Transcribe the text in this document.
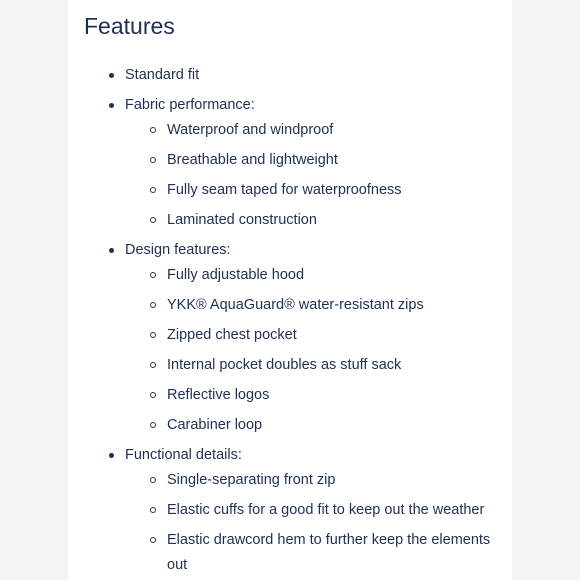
Features
Standard fit
Fabric performance:
Waterproof and windproof
Breathable and lightweight
Fully seam taped for waterproofness
Laminated construction
Design features:
Fully adjustable hood
YKK® AquaGuard® water-resistant zips
Zipped chest pocket
Internal pocket doubles as stuff sack
Reflective logos
Carabiner loop
Functional details:
Single-separating front zip
Elastic cuffs for a good fit to keep out the weather
Elastic drawcord hem to further keep the elements
out
